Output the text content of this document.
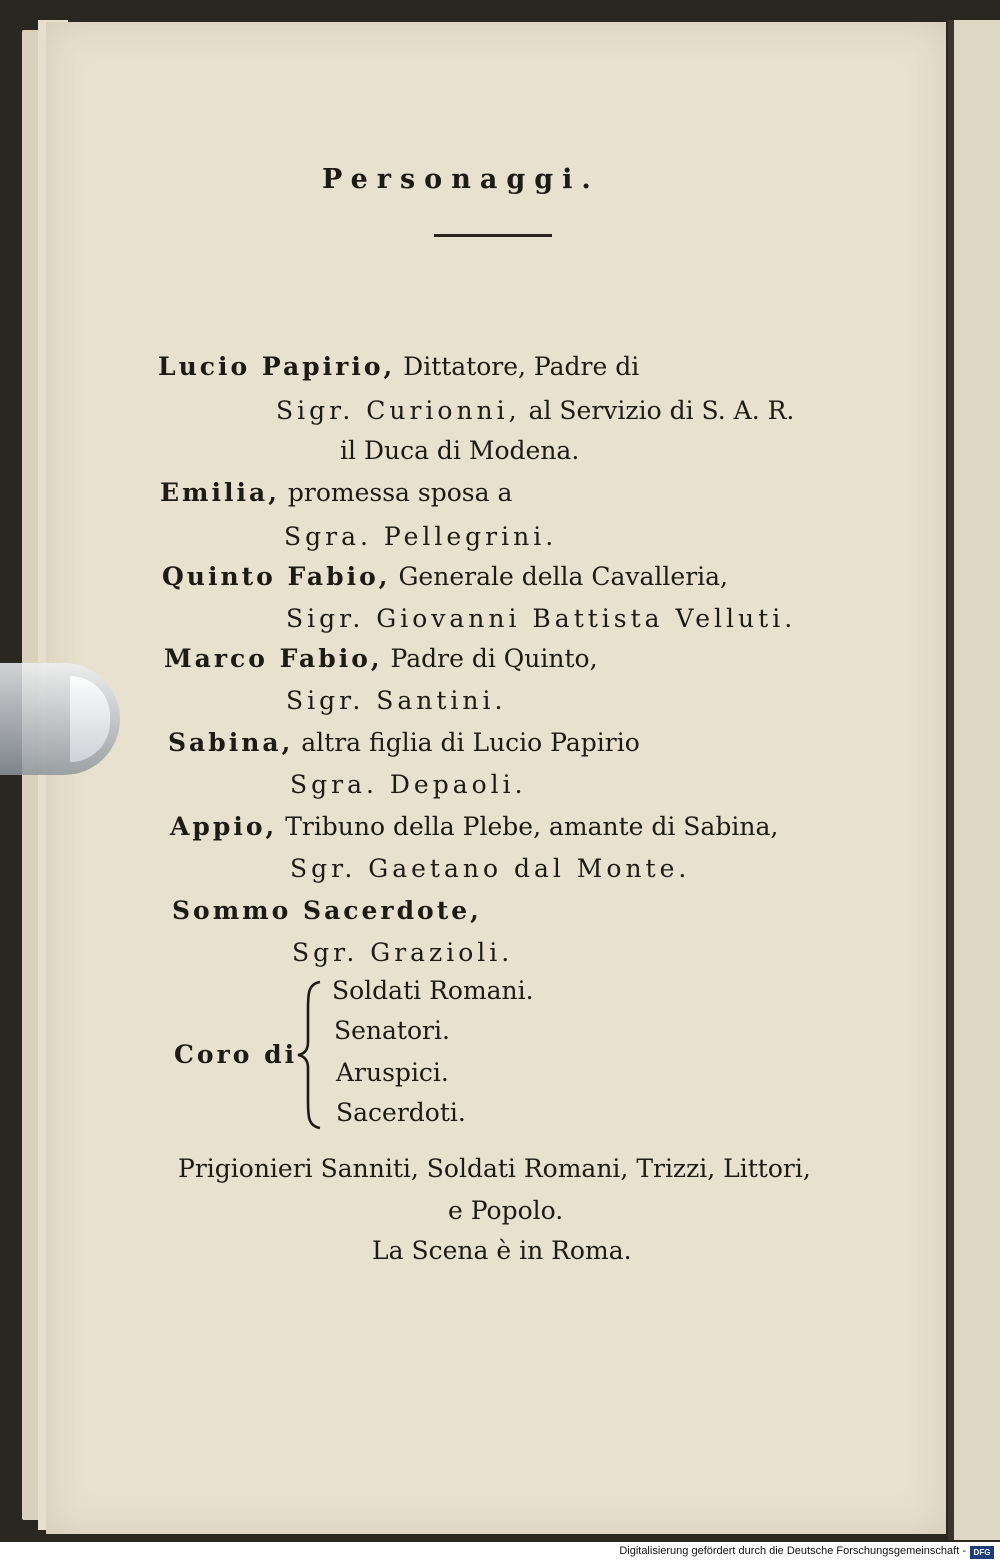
Personaggi.
Lucio Papirio, Dittatore, Padre di
Sigr. Curionni, al Servizio di S. A. R.
il Duca di Modena.
Emilia, promessa sposa a
Sgra. Pellegrini.
Quinto Fabio, Generale della Cavalleria,
Sigr. Giovanni Battista Velluti.
Marco Fabio, Padre di Quinto,
Sigr. Santini.
Sabina, altra figlia di Lucio Papirio
Sgra. Depaoli.
Appio, Tribuno della Plebe, amante di Sabina,
Sgr. Gaetano dal Monte.
Sommo Sacerdote,
Sgr. Grazioli.
Coro di
Soldati Romani.
Senatori.
Aruspici.
Sacerdoti.
Prigionieri Sanniti, Soldati Romani, Trizzi, Littori,
e Popolo.
La Scena è in Roma.
Digitalisierung gefördert durch die Deutsche Forschungsgemeinschaft - DFG
